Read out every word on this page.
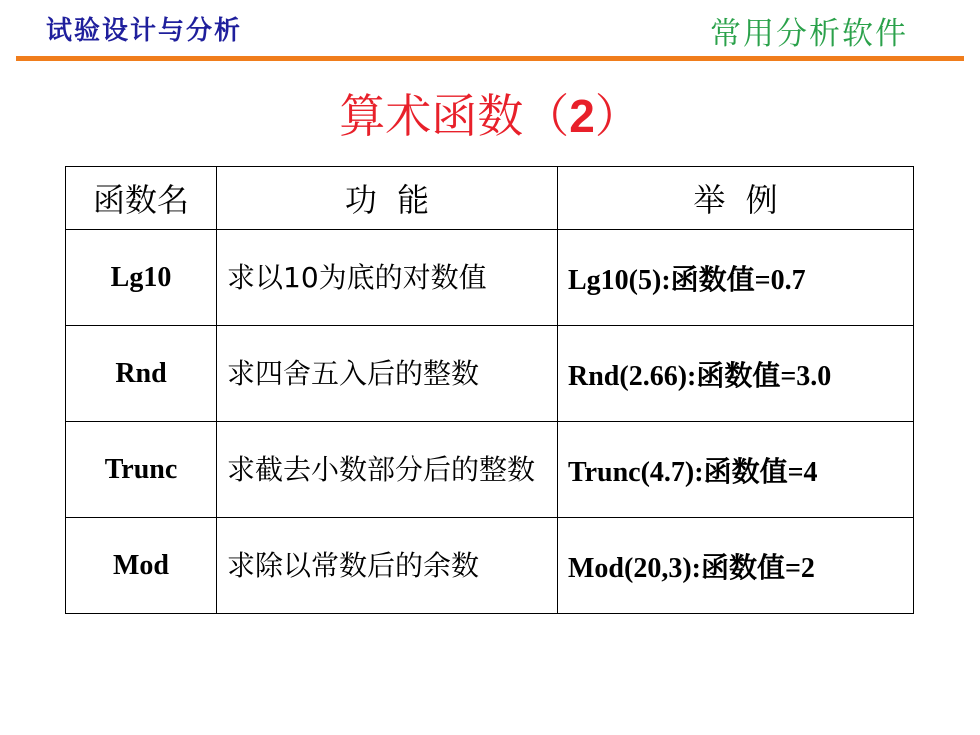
试验设计与分析	常用分析软件
算术函数（2）
函数名	功  能	举  例
Lg10	求以10为底的对数值	Lg10(5):函数值=0.7
Rnd	求四舍五入后的整数	Rnd(2.66):函数值=3.0
Trunc	求截去小数部分后的整数	Trunc(4.7):函数值=4
Mod	求除以常数后的余数	Mod(20,3):函数值=2
